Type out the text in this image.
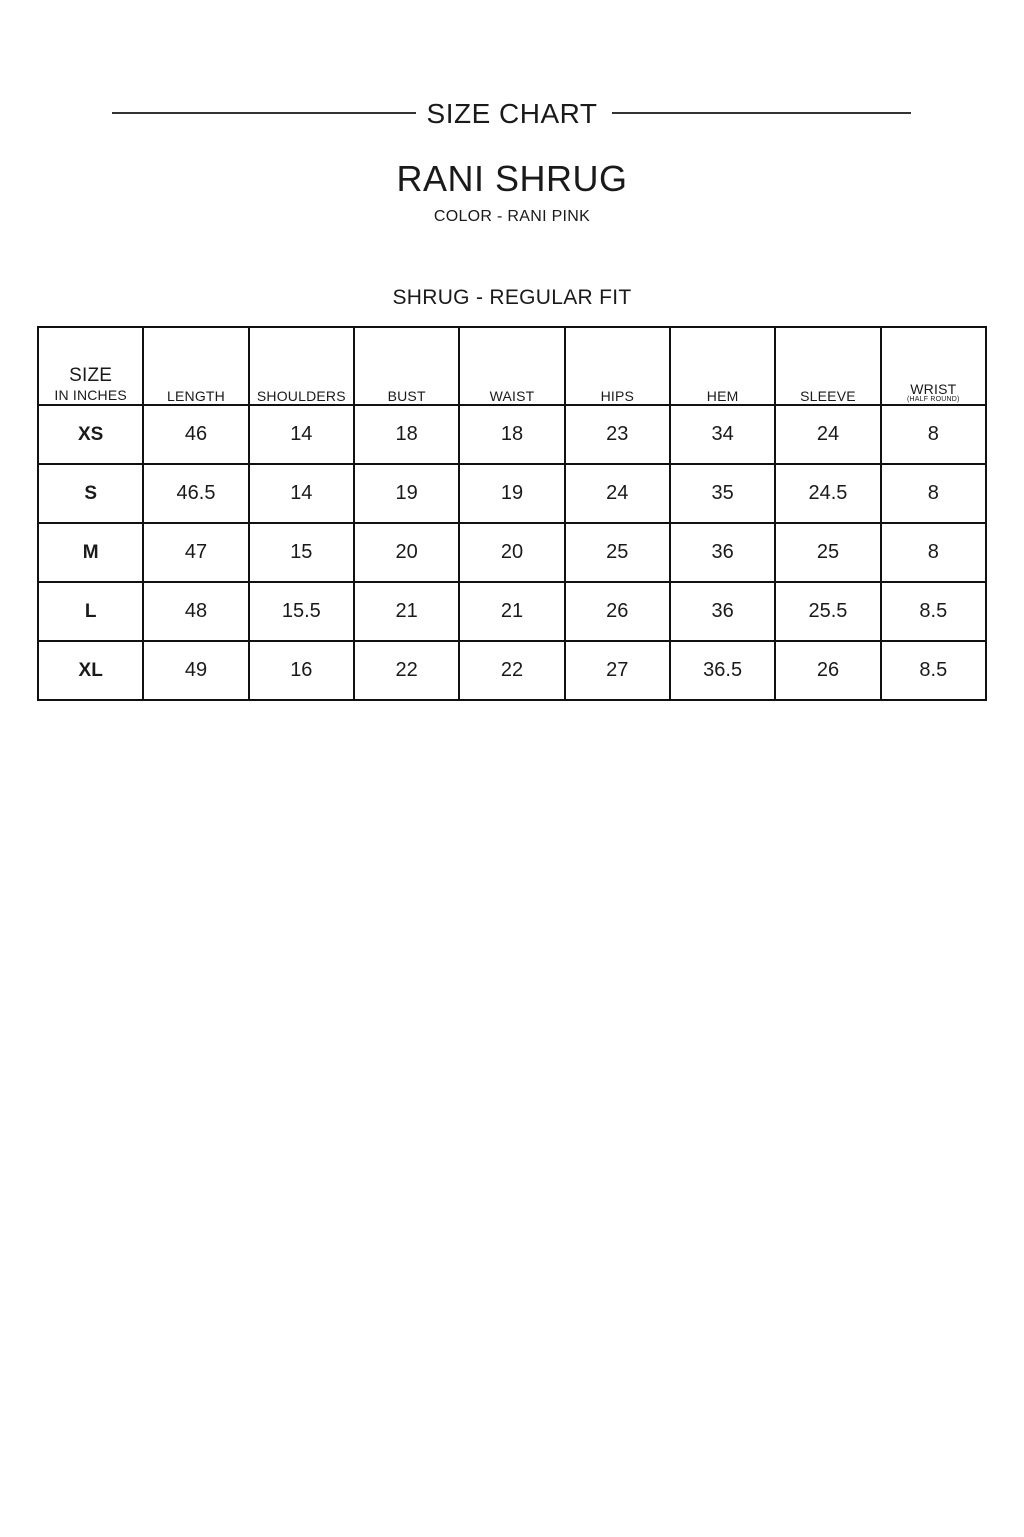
SIZE CHART
RANI SHRUG
COLOR - RANI PINK
SHRUG - REGULAR FIT
SIZE
IN INCHES	LENGTH	SHOULDERS	BUST	WAIST	HIPS	HEM	SLEEVE	WRIST
(HALF ROUND)

XS	46	14	18	18	23	34	24	8
S	46.5	14	19	19	24	35	24.5	8
M	47	15	20	20	25	36	25	8
L	48	15.5	21	21	26	36	25.5	8.5
XL	49	16	22	22	27	36.5	26	8.5
